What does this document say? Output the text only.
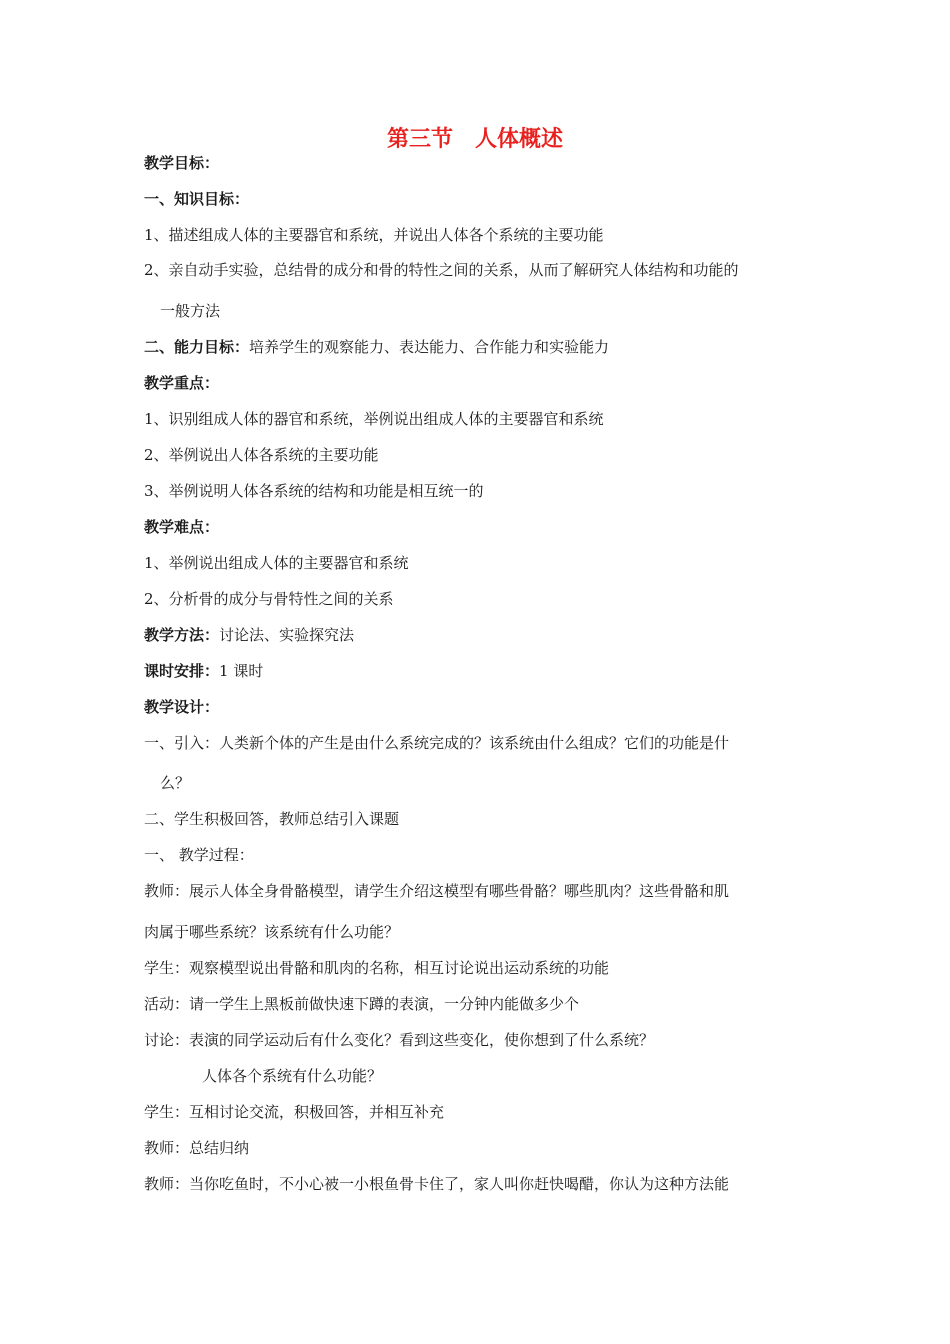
第三节　人体概述
教学目标：
一、知识目标：
1、描述组成人体的主要器官和系统，并说出人体各个系统的主要功能
2、亲自动手实验，总结骨的成分和骨的特性之间的关系，从而了解研究人体结构和功能的
一般方法
二、能力目标：培养学生的观察能力、表达能力、合作能力和实验能力
教学重点：
1、识别组成人体的器官和系统，举例说出组成人体的主要器官和系统
2、举例说出人体各系统的主要功能
3、举例说明人体各系统的结构和功能是相互统一的
教学难点：
1、举例说出组成人体的主要器官和系统
2、分析骨的成分与骨特性之间的关系
教学方法：讨论法、实验探究法
课时安排：1 课时
教学设计：
一、引入：人类新个体的产生是由什么系统完成的？该系统由什么组成？它们的功能是什
么？
二、学生积极回答，教师总结引入课题
一、 教学过程：
教师：展示人体全身骨骼模型，请学生介绍这模型有哪些骨骼？哪些肌肉？这些骨骼和肌
肉属于哪些系统？该系统有什么功能？
学生：观察模型说出骨骼和肌肉的名称，相互讨论说出运动系统的功能
活动：请一学生上黑板前做快速下蹲的表演，一分钟内能做多少个
讨论：表演的同学运动后有什么变化？看到这些变化，使你想到了什么系统？
人体各个系统有什么功能？
学生：互相讨论交流，积极回答，并相互补充
教师：总结归纳
教师：当你吃鱼时，不小心被一小根鱼骨卡住了，家人叫你赶快喝醋，你认为这种方法能
